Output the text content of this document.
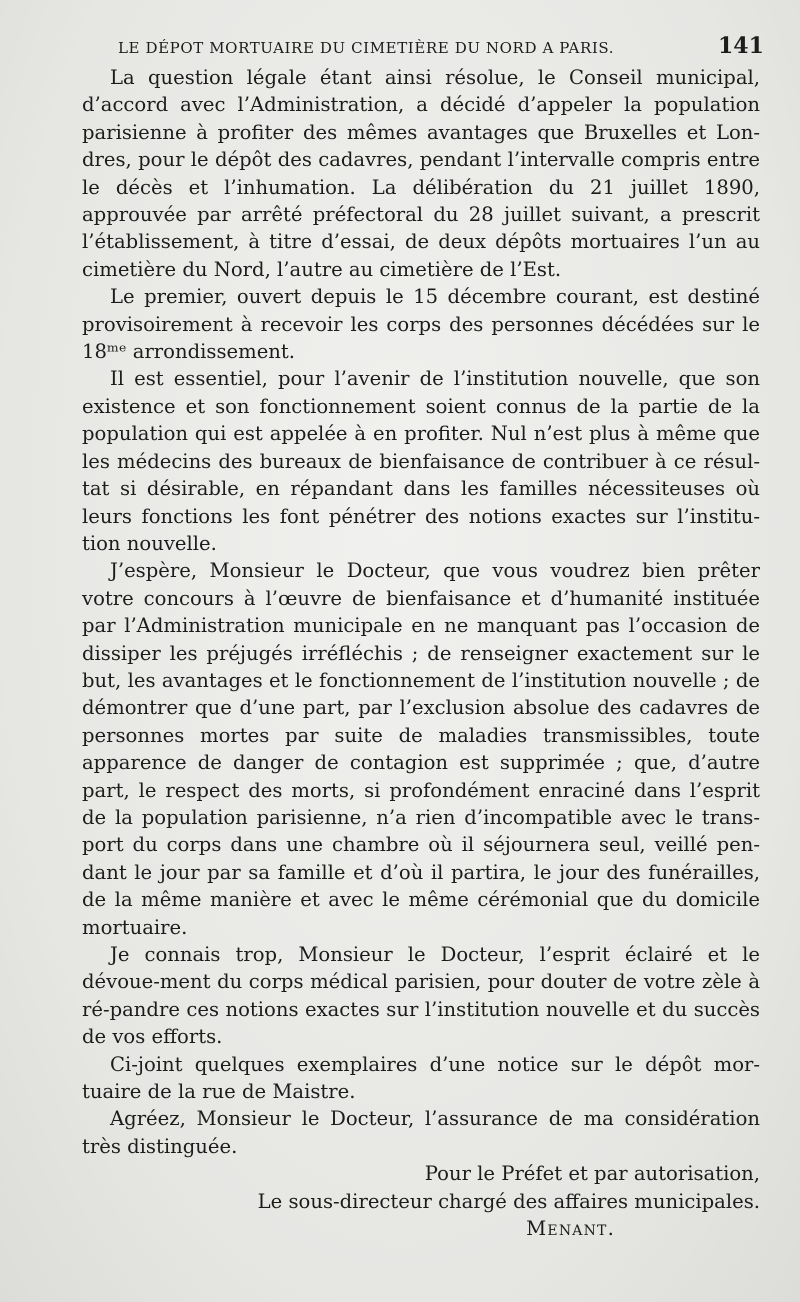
LE DÉPOT MORTUAIRE DU CIMETIÈRE DU NORD A PARIS.	141

La question légale étant ainsi résolue, le Conseil municipal, d’accord avec l’Administration, a décidé d’appeler la population parisienne à profiter des mêmes avantages que Bruxelles et Lon-dres, pour le dépôt des cadavres, pendant l’intervalle compris entre le décès et l’inhumation. La délibération du 21 juillet 1890, approuvée par arrêté préfectoral du 28 juillet suivant, a prescrit l’établissement, à titre d’essai, de deux dépôts mortuaires l’un au cimetière du Nord, l’autre au cimetière de l’Est.

Le premier, ouvert depuis le 15 décembre courant, est destiné provisoirement à recevoir les corps des personnes décédées sur le 18ᵐᵉ arrondissement.

Il est essentiel, pour l’avenir de l’institution nouvelle, que son existence et son fonctionnement soient connus de la partie de la population qui est appelée à en profiter. Nul n’est plus à même que les médecins des bureaux de bienfaisance de contribuer à ce résul-tat si désirable, en répandant dans les familles nécessiteuses où leurs fonctions les font pénétrer des notions exactes sur l’institu-tion nouvelle.

J’espère, Monsieur le Docteur, que vous voudrez bien prêter votre concours à l’œuvre de bienfaisance et d’humanité instituée par l’Administration municipale en ne manquant pas l’occasion de dissiper les préjugés irréfléchis ; de renseigner exactement sur le but, les avantages et le fonctionnement de l’institution nouvelle ; de démontrer que d’une part, par l’exclusion absolue des cadavres de personnes mortes par suite de maladies transmissibles, toute apparence de danger de contagion est supprimée ; que, d’autre part, le respect des morts, si profondément enraciné dans l’esprit de la population parisienne, n’a rien d’incompatible avec le trans-port du corps dans une chambre où il séjournera seul, veillé pen-dant le jour par sa famille et d’où il partira, le jour des funérailles, de la même manière et avec le même cérémonial que du domicile mortuaire.

Je connais trop, Monsieur le Docteur, l’esprit éclairé et le dévoue-ment du corps médical parisien, pour douter de votre zèle à ré-pandre ces notions exactes sur l’institution nouvelle et du succès de vos efforts.

Ci-joint quelques exemplaires d’une notice sur le dépôt mor-tuaire de la rue de Maistre.

Agréez, Monsieur le Docteur, l’assurance de ma considération très distinguée.

Pour le Préfet et par autorisation,

Le sous-directeur chargé des affaires municipales.

Menant.
